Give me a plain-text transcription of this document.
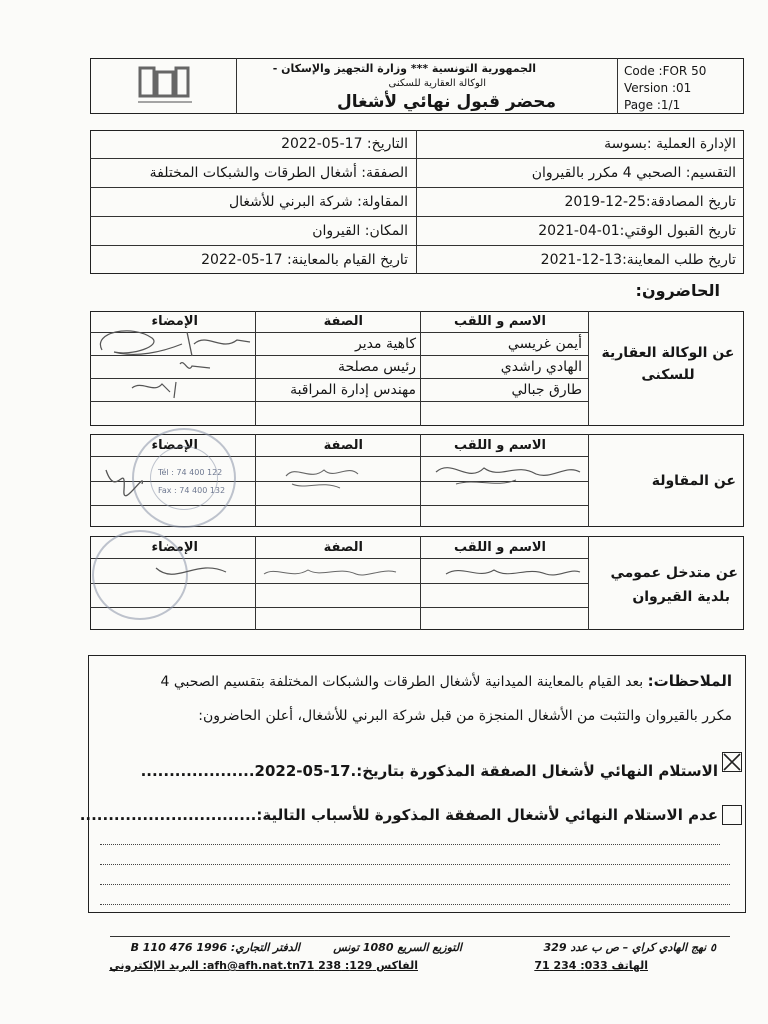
الجمهورية التونسية *** وزارة التجهيز والإسكان -
الوكالة العقارية للسكنى
محضر قبول نهائي لأشغال
Code :FOR 50
Version :01
Page :1/1
الإدارة العملية :بسوسة
التقسيم: الصحبي 4 مكرر بالقيروان
تاريخ المصادقة:25-12-2019
تاريخ القبول الوقتي:01-04-2021
تاريخ طلب المعاينة:13-12-2021
التاريخ: 17-05-2022
الصفقة: أشغال الطرقات والشبكات المختلفة
المقاولة: شركة البرني للأشغال
المكان: القيروان
تاريخ القيام بالمعاينة: 17-05-2022
الحاضرون:
الاسم و اللقب
الصفة
الإمضاء
أيمن غريسي
الهادي راشدي
طارق جبالي
كاهية مدير
رئيس مصلحة
مهندس إدارة المراقبة
عن الوكالة العقارية للسكنى
الاسم و اللقب
الصفة
الإمضاء
Tél : 74 400 122
Fax : 74 400 132
عن المقاولة
الاسم و اللقب
الصفة
الإمضاء
عن متدخل عمومي
بلدية القيروان
الملاحظات: بعد القيام بالمعاينة الميدانية لأشغال الطرقات والشبكات المختلفة بتقسيم الصحبي 4
مكرر بالقيروان والتثبت من الأشغال المنجزة من قبل شركة البرني للأشغال، أعلن الحاضرون:
الاستلام النهائي لأشغال الصفقة المذكورة بتاريخ:.17-05-2022....................
عدم الاستلام النهائي لأشغال الصفقة المذكورة للأسباب التالية:...............................
٥ نهج الهادي كراي – ص ب عدد 329
التوزيع السريع 1080 تونس
الدفتر التجاري: 1996 B 110 476
الهاتف 033: 234 71
الفاكس 129: 238 71
afh@afh.nat.tn: البريد الإلكتروني
